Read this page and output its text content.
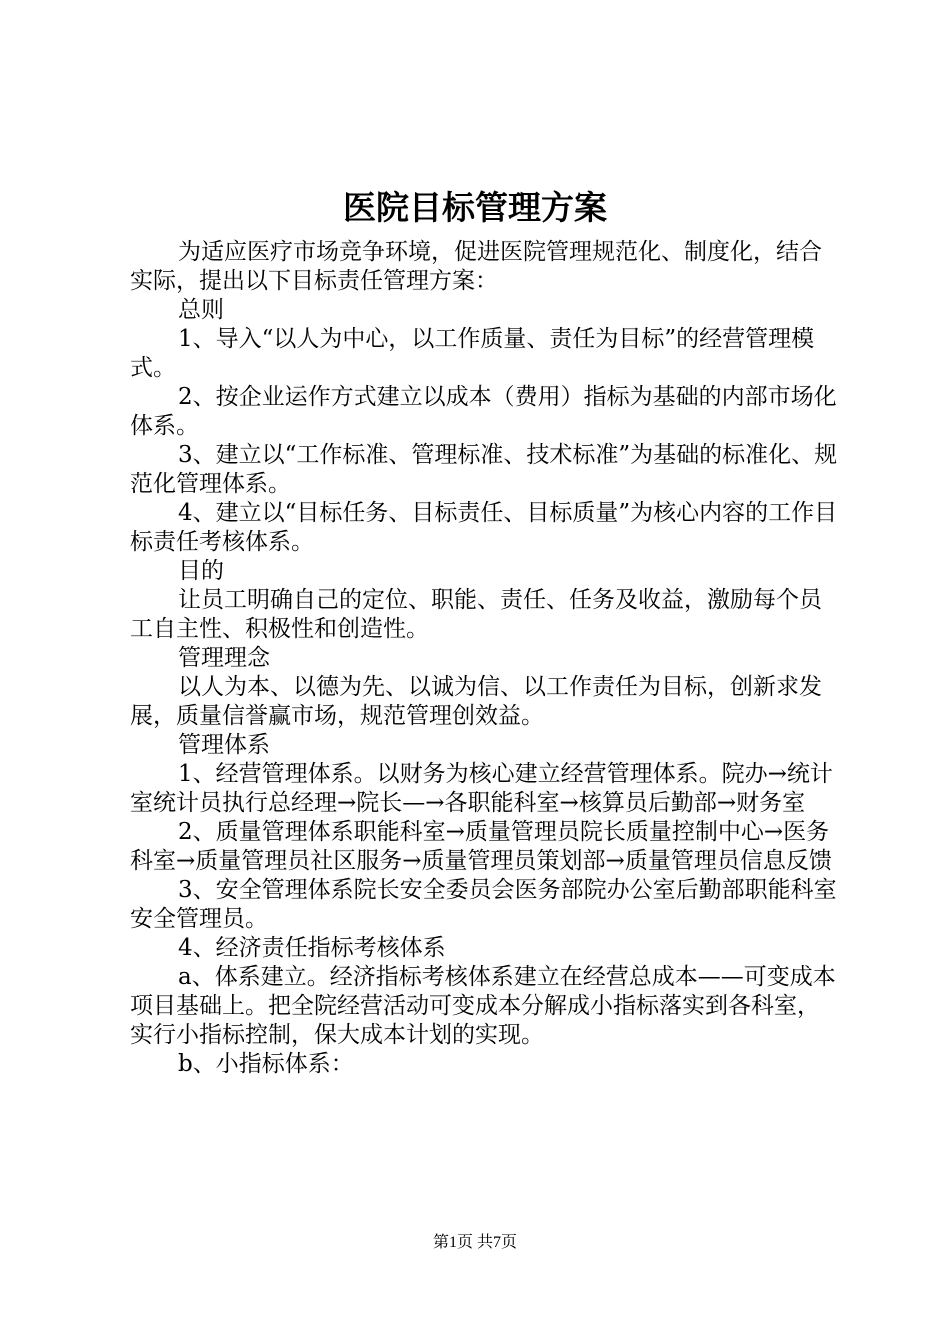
医院目标管理方案

为适应医疗市场竞争环境，促进医院管理规范化、制度化，结合实际，提出以下目标责任管理方案：

总则

1、导入“以人为中心，以工作质量、责任为目标”的经营管理模式。

2、按企业运作方式建立以成本（费用）指标为基础的内部市场化体系。

3、建立以“工作标准、管理标准、技术标准”为基础的标准化、规范化管理体系。

4、建立以“目标任务、目标责任、目标质量”为核心内容的工作目标责任考核体系。

目的

让员工明确自己的定位、职能、责任、任务及收益，激励每个员工自主性、积极性和创造性。

管理理念

以人为本、以德为先、以诚为信、以工作责任为目标，创新求发展，质量信誉赢市场，规范管理创效益。

管理体系

1、经营管理体系。以财务为核心建立经营管理体系。院办→统计室统计员执行总经理→院长—→各职能科室→核算员后勤部→财务室

2、质量管理体系职能科室→质量管理员院长质量控制中心→医务科室→质量管理员社区服务→质量管理员策划部→质量管理员信息反馈

3、安全管理体系院长安全委员会医务部院办公室后勤部职能科室安全管理员。

4、经济责任指标考核体系

a、体系建立。经济指标考核体系建立在经营总成本——可变成本项目基础上。把全院经营活动可变成本分解成小指标落实到各科室，实行小指标控制，保大成本计划的实现。

b、小指标体系：

第1页 共7页
